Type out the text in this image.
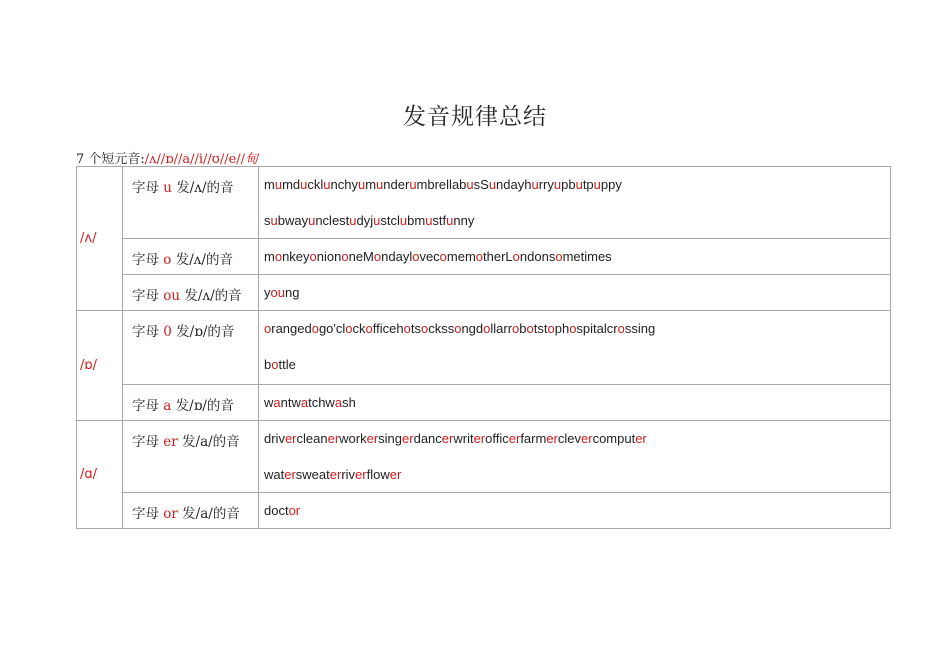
发音规律总结
7 个短元音:/ʌ//ɒ//a//i//ʊ//e//甸
/ʌ/	字母 u 发/ʌ/的音	mumducklunchyumunderumbrellabusSundayhurryupbutpuppy
subwayunclestudyjustclubmustfunny

	字母 o 发/ʌ/的音	monkeyoniononeMondaylovecomemotherLondonsometimes

	字母 ou 发/ʌ/的音	young

/ɒ/	字母 0 发/ɒ/的音	orangedogo'clockofficehotsockssongdollarrobotstophospitalcrossing
bottle

	字母 a 发/ɒ/的音	wantwatchwash

/ɑ/	字母 er 发/a/的音	drivercleanerworkersingerdancerwriterofficerfarmerclevercomputer
watersweaterriverflower

	字母 or 发/a/的音	doctor
